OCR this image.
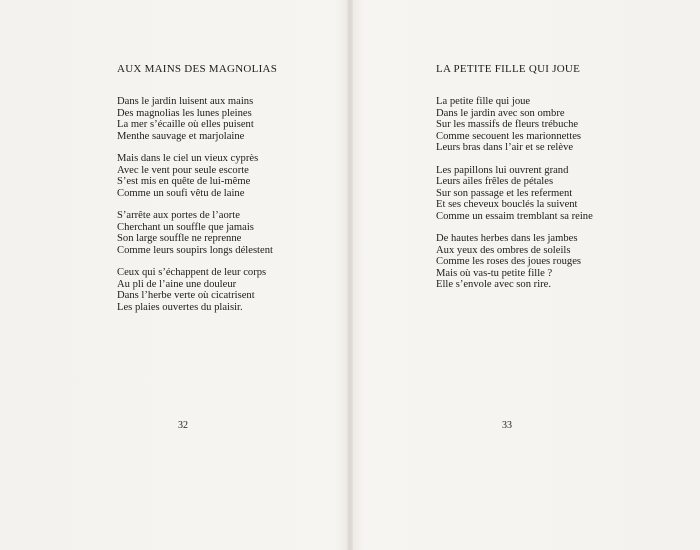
AUX MAINS DES MAGNOLIAS
Dans le jardin luisent aux mains
Des magnolias les lunes pleines
La mer s’écaille où elles puisent
Menthe sauvage et marjolaine
Mais dans le ciel un vieux cyprès
Avec le vent pour seule escorte
S’est mis en quête de lui-même
Comme un soufi vêtu de laine
S’arrête aux portes de l’aorte
Cherchant un souffle que jamais
Son large souffle ne reprenne
Comme leurs soupirs longs délestent
Ceux qui s’échappent de leur corps
Au pli de l’aine une douleur
Dans l’herbe verte où cicatrisent
Les plaies ouvertes du plaisir.
32
LA PETITE FILLE QUI JOUE
La petite fille qui joue
Dans le jardin avec son ombre
Sur les massifs de fleurs trébuche
Comme secouent les marionnettes
Leurs bras dans l’air et se relève
Les papillons lui ouvrent grand
Leurs ailes frêles de pétales
Sur son passage et les referment
Et ses cheveux bouclés la suivent
Comme un essaim tremblant sa reine
De hautes herbes dans les jambes
Aux yeux des ombres de soleils
Comme les roses des joues rouges
Mais où vas-tu petite fille ?
Elle s’envole avec son rire.
33
